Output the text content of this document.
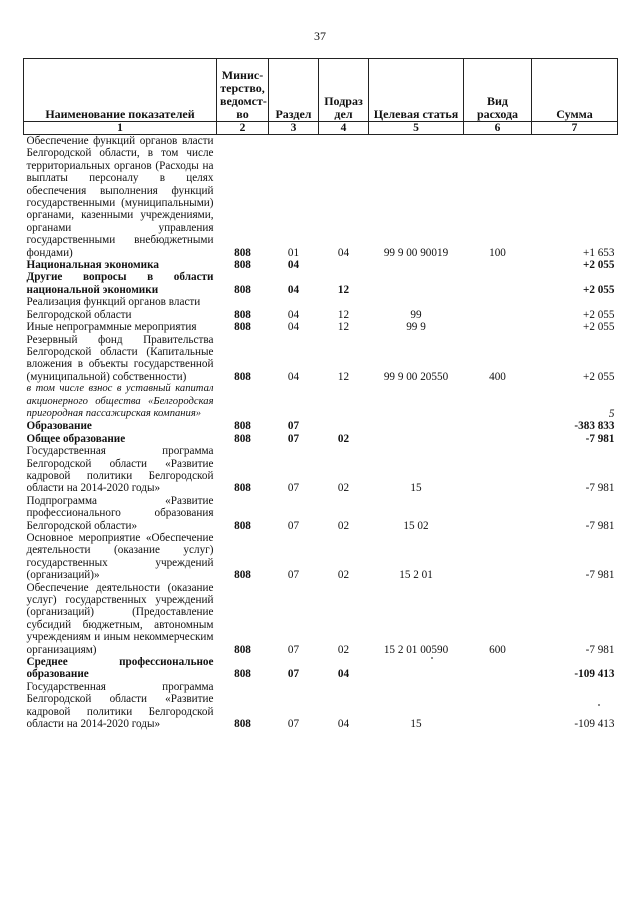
37
Наименование показателей	Минис-терство, ведомст-во	Раздел	Подраз дел	Целевая статья	Вид расхода	Сумма
1	2	3	4	5	6	7
Обеспечение функций органов власти Белгородской области, в том числе территориальных органов (Расходы на выплаты персоналу в целях обеспечения выполнения функций государственными (муниципальными) органами, казенными учреждениями, органами управления государственными внебюджетными фондами)	808	01	04	99 9 00 90019	100	+1 653
Национальная экономика	808	04				+2 055
Другие вопросы в области национальной экономики	808	04	12			+2 055
Реализация функций органов власти Белгородской области	808	04	12	99		+2 055
Иные непрограммные мероприятия	808	04	12	99 9		+2 055
Резервный фонд Правительства Белгородской области (Капитальные вложения в объекты государственной (муниципальной) собственности)	808	04	12	99 9 00 20550	400	+2 055
в том числе взнос в уставный капитал акционерного общества «Белгородская пригородная пассажирская компания»						5
Образование	808	07				-383 833
Общее образование	808	07	02			-7 981
Государственная программа Белгородской области «Развитие кадровой политики Белгородской области на 2014-2020 годы»	808	07	02	15		-7 981
Подпрограмма «Развитие профессионального образования Белгородской области»	808	07	02	15 02		-7 981
Основное мероприятие «Обеспечение деятельности (оказание услуг) государственных учреждений (организаций)»	808	07	02	15 2 01		-7 981
Обеспечение деятельности (оказание услуг) государственных учреждений (организаций) (Предоставление субсидий бюджетным, автономным учреждениям и иным некоммерческим организациям)	808	07	02	15 2 01 00590	600	-7 981
Среднее профессиональное образование	808	07	04			-109 413
Государственная программа Белгородской области «Развитие кадровой политики Белгородской области на 2014-2020 годы»	808	07	04	15		-109 413
